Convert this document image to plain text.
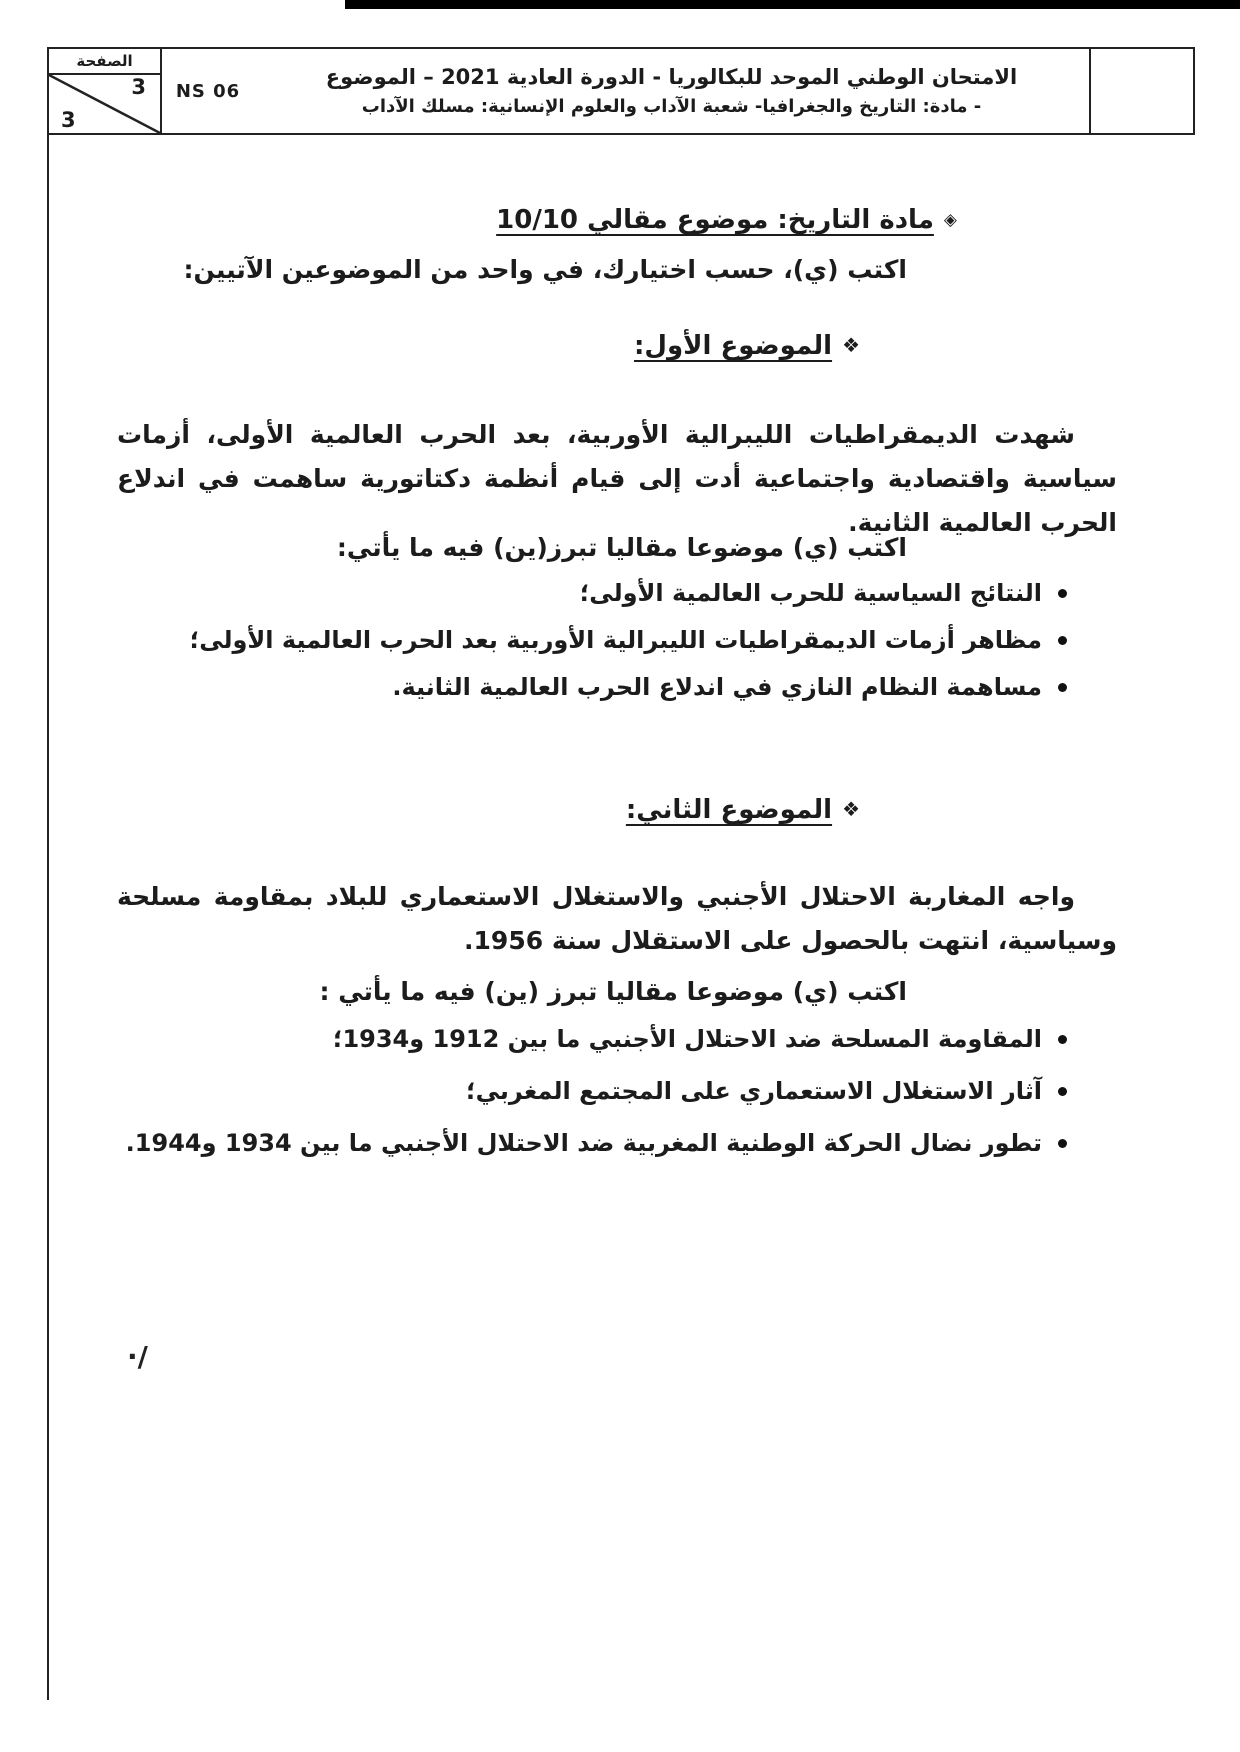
الصفحة
3
3
NS 06
الامتحان الوطني الموحد للبكالوريا - الدورة العادية 2021 – الموضوع
- مادة: التاريخ والجغرافيا- شعبة الآداب والعلوم الإنسانية: مسلك الآداب
◈مادة التاريخ: موضوع مقالي 10/10
اكتب (ي)، حسب اختيارك، في واحد من الموضوعين الآتيين:
❖الموضوع الأول:
شهدت الديمقراطيات الليبرالية الأوربية، بعد الحرب العالمية الأولى، أزمات سياسية واقتصادية واجتماعية أدت إلى قيام أنظمة دكتاتورية ساهمت في اندلاع الحرب العالمية الثانية.
اكتب (ي) موضوعا مقاليا تبرز(ين) فيه ما يأتي:
النتائج السياسية للحرب العالمية الأولى؛
مظاهر أزمات الديمقراطيات الليبرالية الأوربية بعد الحرب العالمية الأولى؛
مساهمة النظام النازي في اندلاع الحرب العالمية الثانية.
❖الموضوع الثاني:
واجه المغاربة الاحتلال الأجنبي والاستغلال الاستعماري للبلاد بمقاومة مسلحة وسياسية، انتهت بالحصول على الاستقلال سنة 1956.
اكتب (ي) موضوعا مقاليا تبرز (ين) فيه ما يأتي :
المقاومة المسلحة ضد الاحتلال الأجنبي ما بين 1912 و1934؛
آثار الاستغلال الاستعماري على المجتمع المغربي؛
تطور نضال الحركة الوطنية المغربية ضد الاحتلال الأجنبي ما بين 1934 و1944.
·/
